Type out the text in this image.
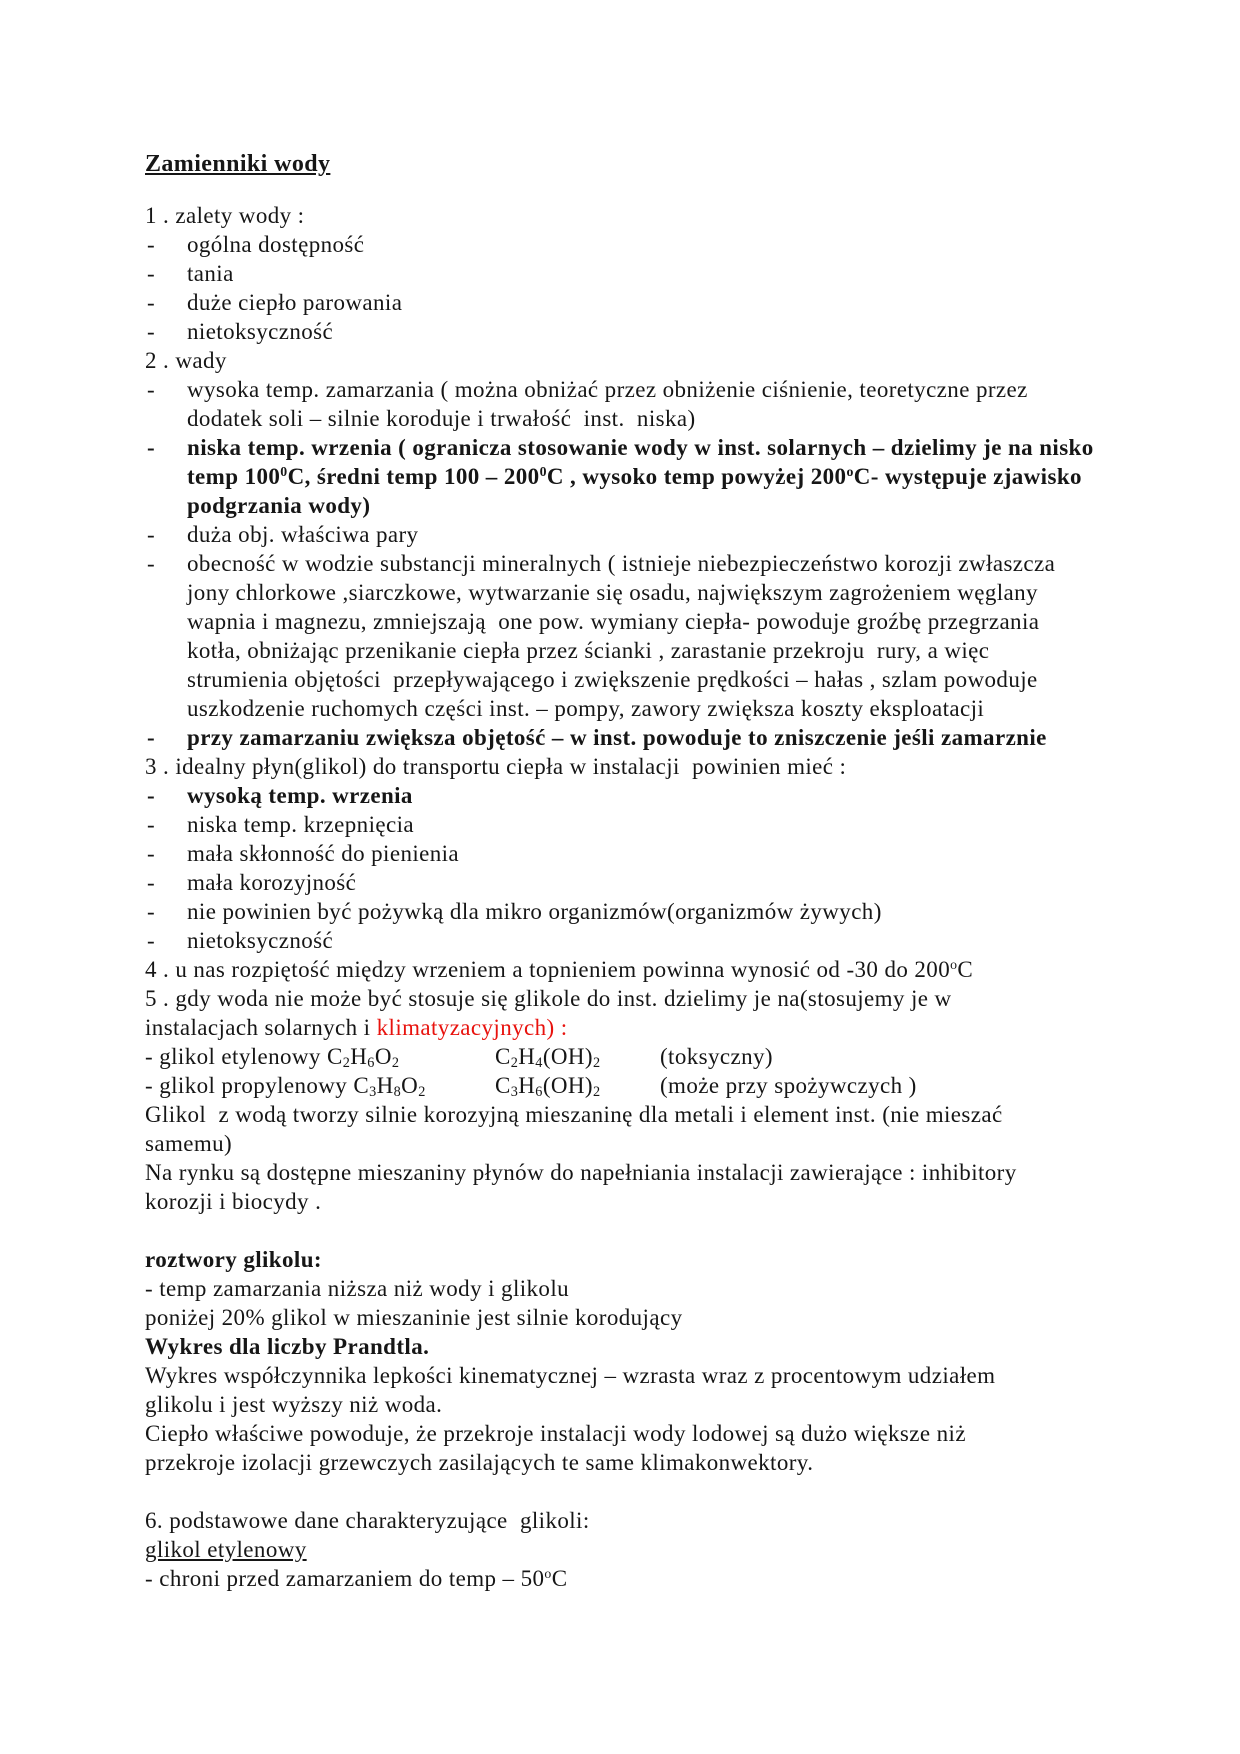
Zamienniki wody
1 . zalety wody :
- ogólna dostępność
- tania
- duże ciepło parowania
- nietoksyczność
2 . wady
- wysoka temp. zamarzania ( można obniżać przez obniżenie ciśnienie, teoretyczne przez
dodatek soli – silnie koroduje i trwałość  inst.  niska)
- niska temp. wrzenia ( ogranicza stosowanie wody w inst. solarnych – dzielimy je na nisko
temp $100^0C$, średni temp $100 - 200^0C$ , wysoko temp powyżej 200$^o$C- występuje zjawisko
podgrzania wody)
- duża obj. właściwa pary
- obecność w wodzie substancji mineralnych ( istnieje niebezpieczeństwo korozji zwłaszcza
jony chlorkowe ,siarczkowe, wytwarzanie się osadu, największym zagrożeniem węglany
wapnia i magnezu, zmniejszają  one pow. wymiany ciepła- powoduje groźbę przegrzania
kotła, obniżając przenikanie ciepła przez ścianki , zarastanie przekroju  rury, a więc
strumienia objętości  przepływającego i zwiększenie prędkości – hałas , szlam powoduje
uszkodzenie ruchomych części inst. – pompy, zawory zwiększa koszty eksploatacji
- przy zamarzaniu zwiększa objętość – w inst. powoduje to zniszczenie jeśli zamarznie
3 . idealny płyn(glikol) do transportu ciepła w instalacji  powinien mieć :
- wysoką temp. wrzenia
- niska temp. krzepnięcia
- mała skłonność do pienienia
- mała korozyjność
- nie powinien być pożywką dla mikro organizmów(organizmów żywych)
- nietoksyczność
4 . u nas rozpiętość między wrzeniem a topnieniem powinna wynosić od -30 do 200$^o$C
5 . gdy woda nie może być stosuje się glikole do inst. dzielimy je na(stosujemy je w
instalacjach solarnych i klimatyzacyjnych) :
- glikol etylenowy $C_2H_6O_2$	$C_2H_4(OH)_2$	(toksyczny)
- glikol propylenowy $C_3H_8O_2$	$C_3H_6(OH)_2$	(może przy spożywczych )
Glikol  z wodą tworzy silnie korozyjną mieszaninę dla metali i element inst. (nie mieszać
samemu)
Na rynku są dostępne mieszaniny płynów do napełniania instalacji zawierające : inhibitory
korozji i biocydy .

roztwory glikolu:
- temp zamarzania niższa niż wody i glikolu
poniżej 20% glikol w mieszaninie jest silnie korodujący
Wykres dla liczby Prandtla.
Wykres współczynnika lepkości kinematycznej – wzrasta wraz z procentowym udziałem
glikolu i jest wyższy niż woda.
Ciepło właściwe powoduje, że przekroje instalacji wody lodowej są dużo większe niż
przekroje izolacji grzewczych zasilających te same klimakonwektory.

6. podstawowe dane charakteryzujące  glikoli:
glikol etylenowy
- chroni przed zamarzaniem do temp – 50$^o$C
